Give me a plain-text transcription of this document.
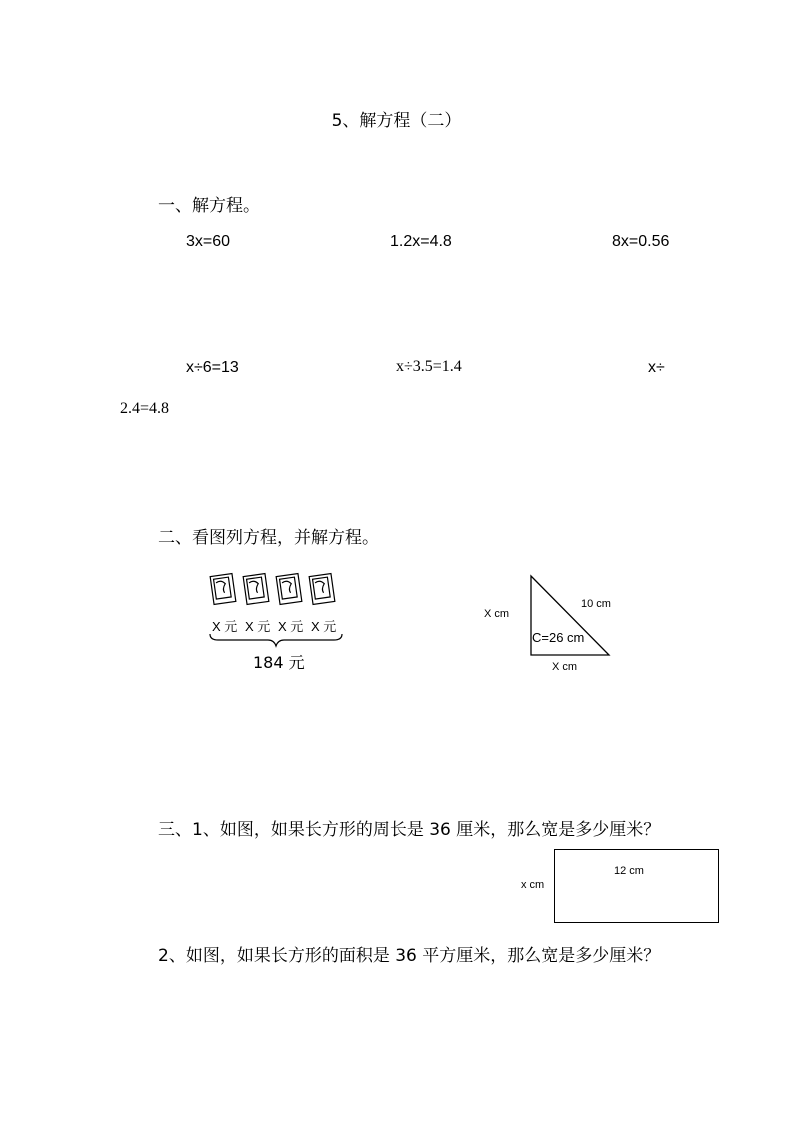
5、解方程（二）
一、解方程。
3x=60	1.2x=4.8	8x=0.56
x÷6=13	x÷3.5=1.4	x÷
2.4=4.8
二、看图列方程，并解方程。
X 元 X 元 X 元 X 元
184 元
X cm
10 cm
C=26 cm
X cm
三、1、如图，如果长方形的周长是 36 厘米，那么宽是多少厘米？
12 cm
x cm
2、如图，如果长方形的面积是 36 平方厘米，那么宽是多少厘米？
